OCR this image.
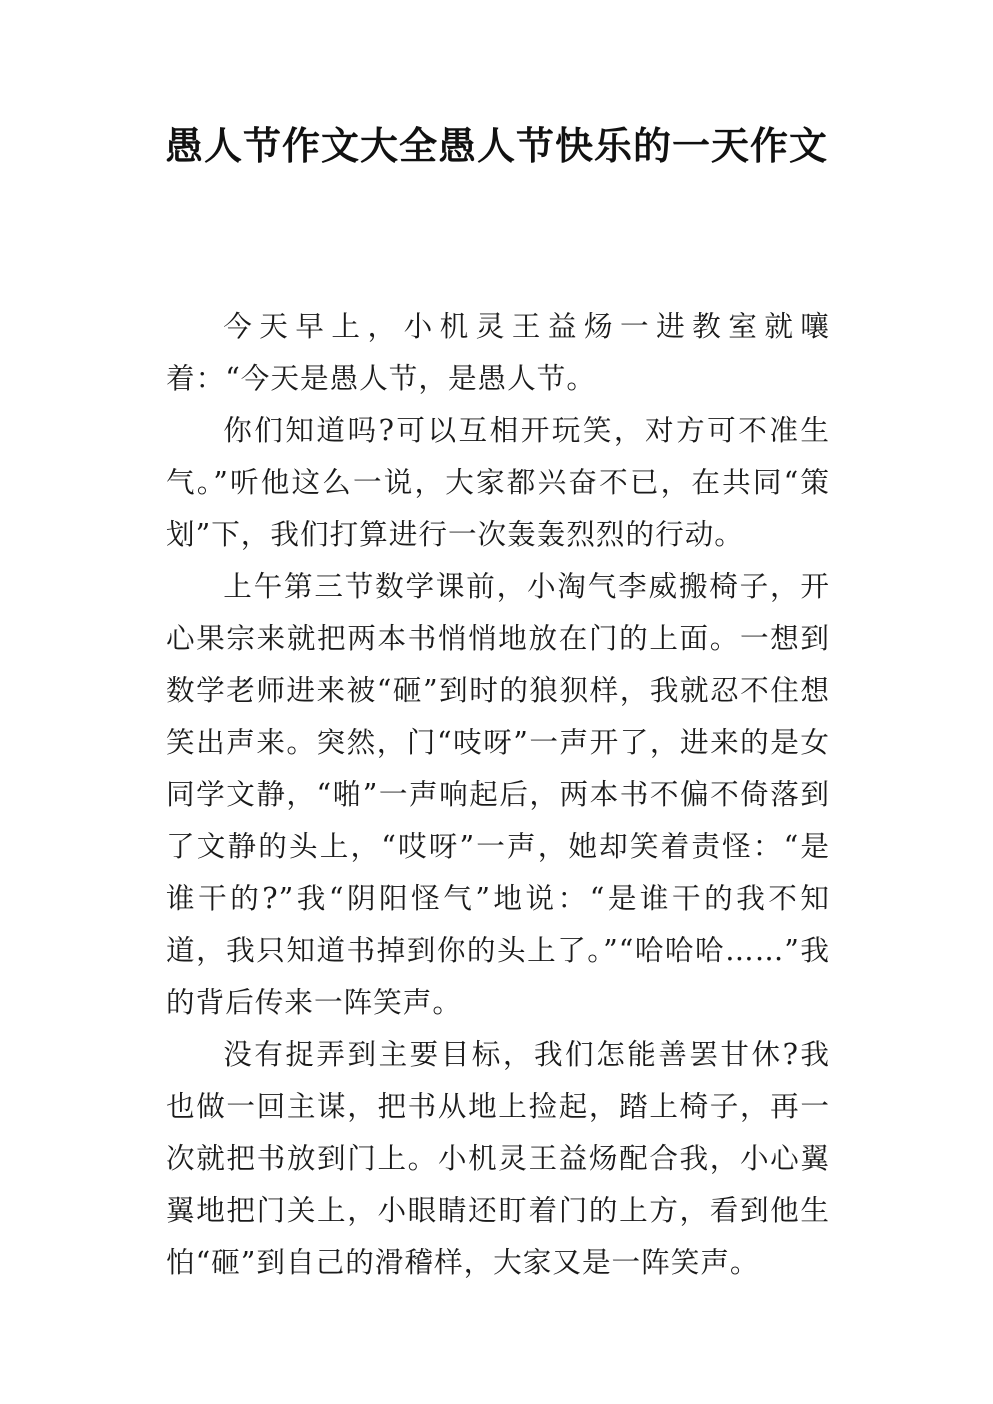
愚人节作文大全愚人节快乐的一天作文

今天早上，小机灵王益炀一进教室就嚷着：“今天是愚人节，是愚人节。

你们知道吗?可以互相开玩笑，对方可不准生气。”听他这么一说，大家都兴奋不已，在共同“策划”下，我们打算进行一次轰轰烈烈的行动。

上午第三节数学课前，小淘气李威搬椅子，开心果宗来就把两本书悄悄地放在门的上面。一想到数学老师进来被“砸”到时的狼狈样，我就忍不住想笑出声来。突然，门“吱呀”一声开了，进来的是女同学文静，“啪”一声响起后，两本书不偏不倚落到了文静的头上，“哎呀”一声，她却笑着责怪：“是谁干的?”我“阴阳怪气”地说：“是谁干的我不知道，我只知道书掉到你的头上了。”“哈哈哈……”我的背后传来一阵笑声。

没有捉弄到主要目标，我们怎能善罢甘休?我也做一回主谋，把书从地上捡起，踏上椅子，再一次就把书放到门上。小机灵王益炀配合我，小心翼翼地把门关上，小眼睛还盯着门的上方，看到他生怕“砸”到自己的滑稽样，大家又是一阵笑声。
